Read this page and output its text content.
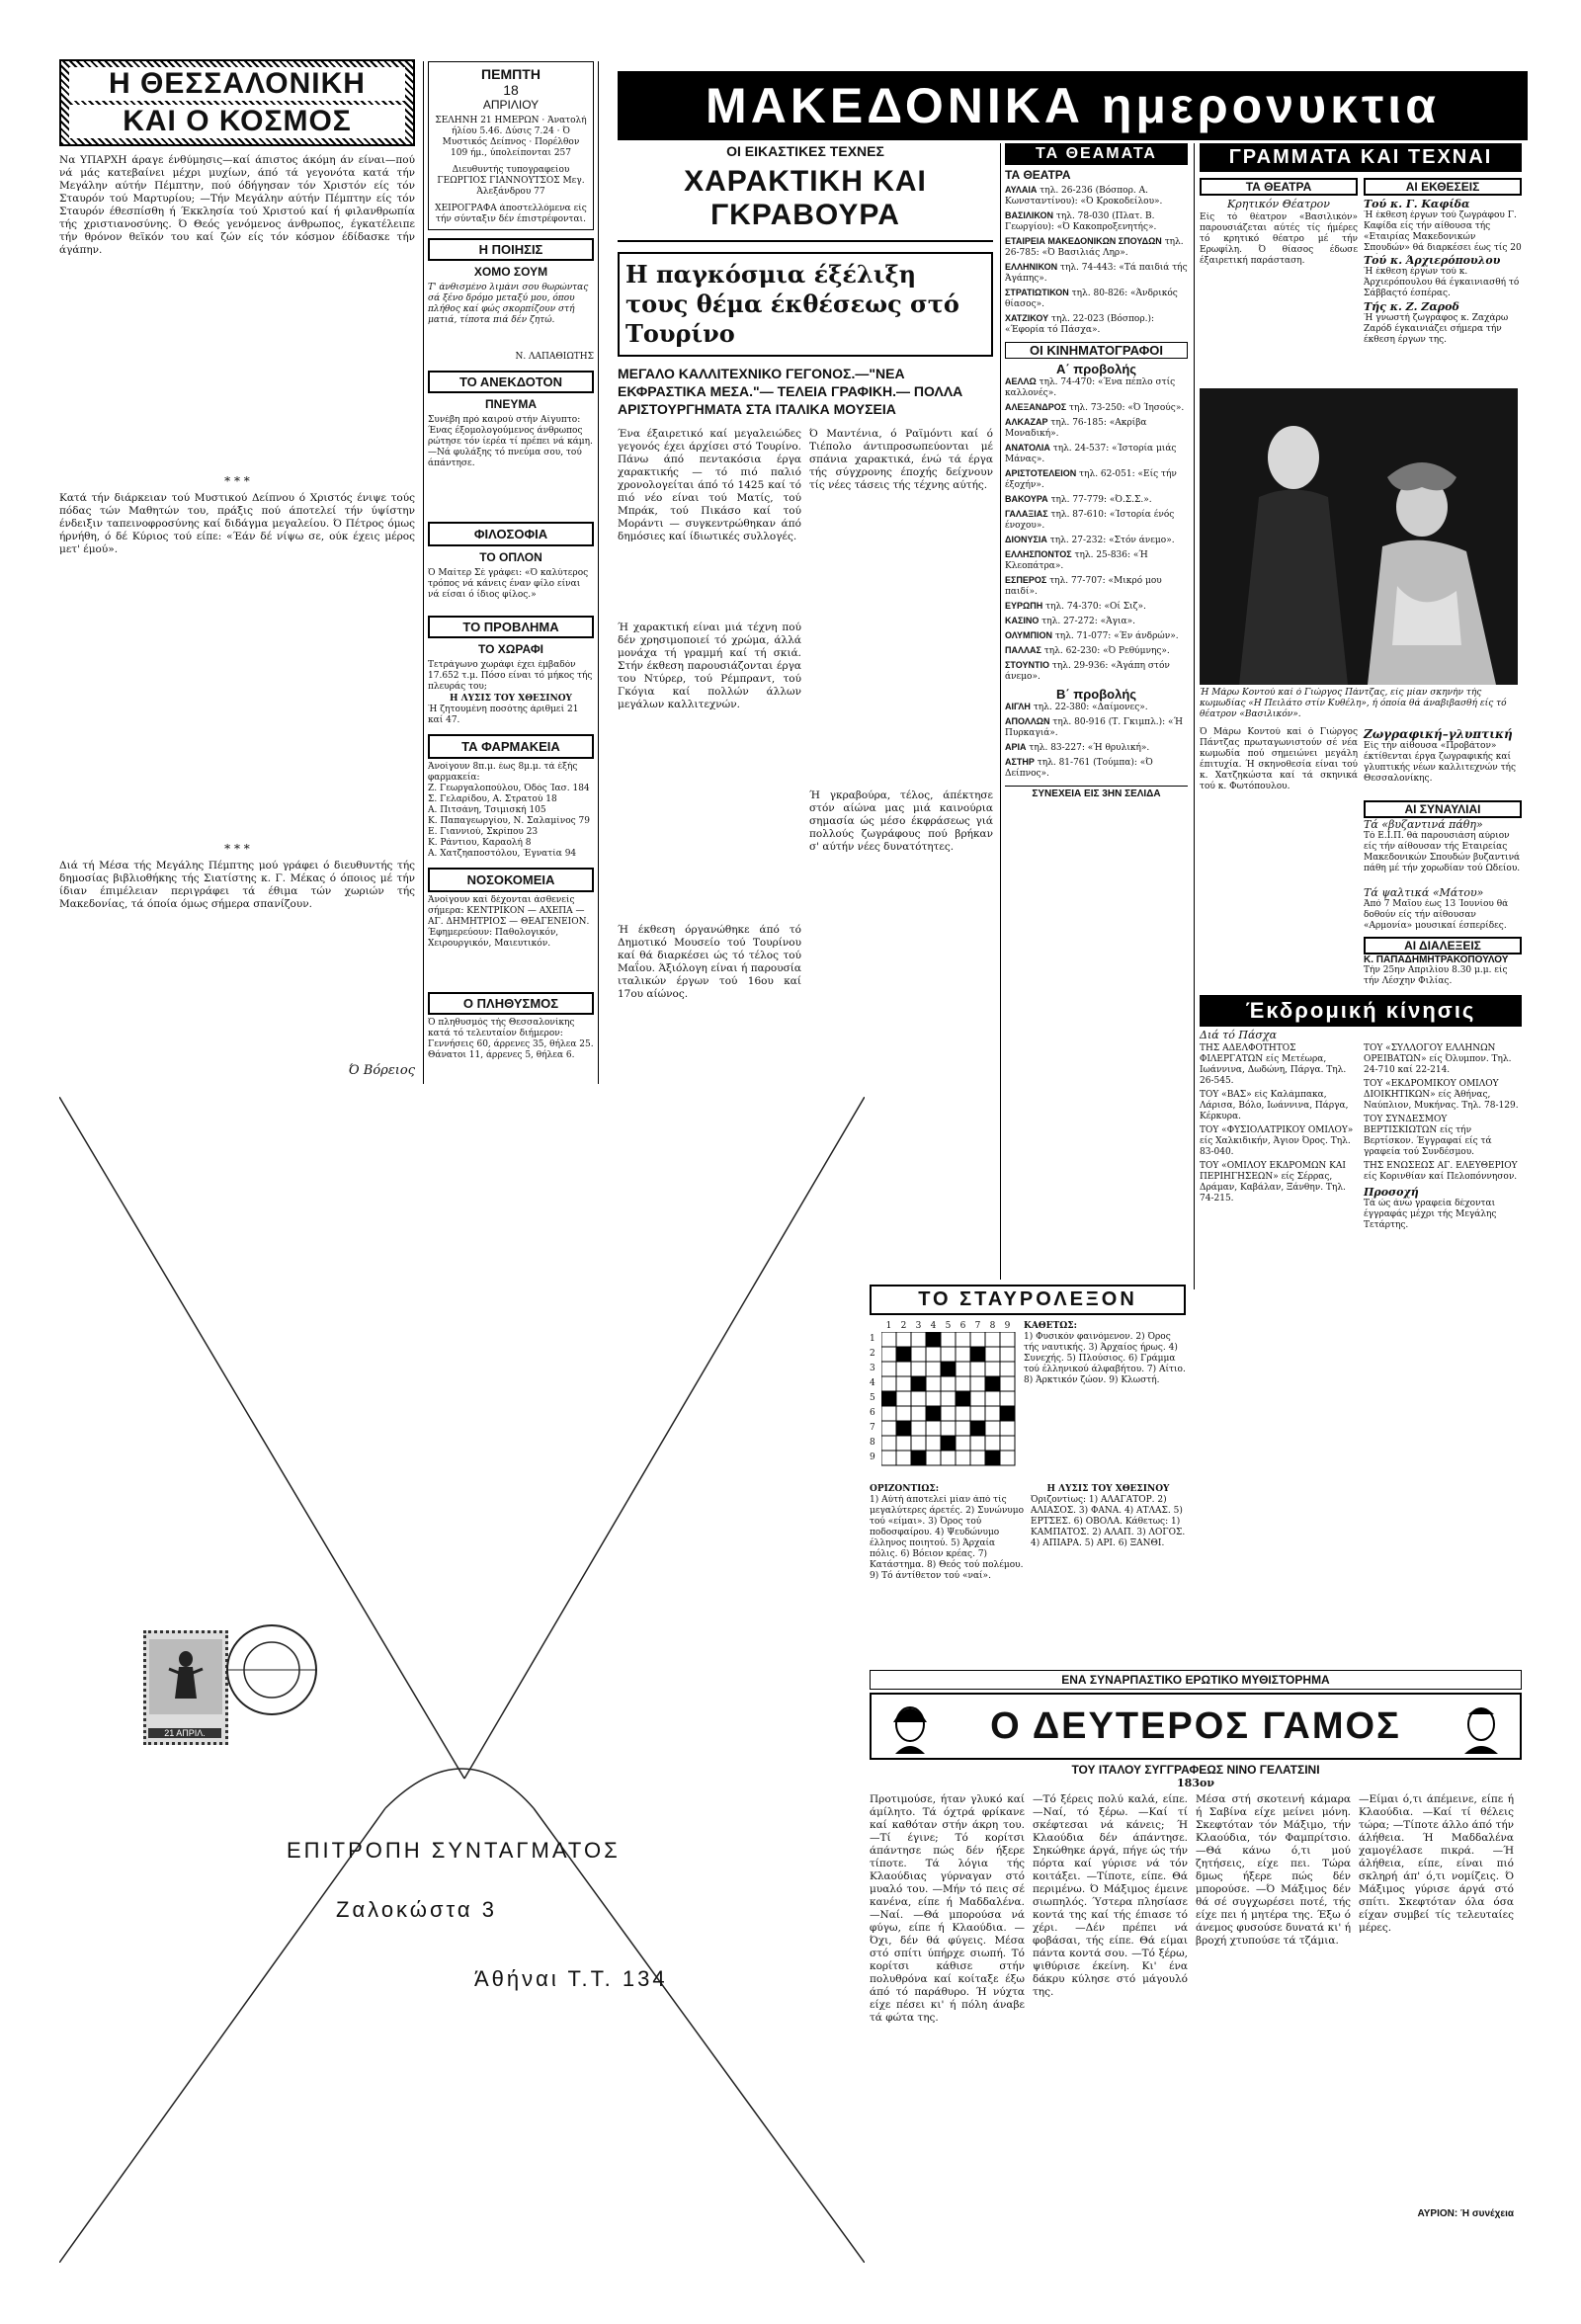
Η ΘΕΣΣΑΛΟΝΙΚΗ
ΚΑΙ Ο ΚΟΣΜΟΣ
Να ΥΠΑΡΧΗ άραγε ένθύμησις—καί άπιστος άκόμη άν είναι—πού νά μάς κατεβαίνει μέχρι μυχίων, άπό τά γεγονότα κατά τήν Μεγάλην αύτήν Πέμπτην, πού όδήγησαν τόν Χριστόν είς τόν Σταυρόν τού Μαρτυρίου; —Τήν Μεγάλην αύτήν Πέμπτην είς τόν Σταυρόν έθεσπίσθη ή Έκκλησία τού Χριστού καί ή φιλανθρωπία τής χριστιανοσύνης. Ό Θεός γενόμενος άνθρωπος, έγκατέλειπε τήν θρόνον θεϊκόν του καί ζών είς τόν κόσμον έδίδασκε τήν άγάπην.
* * *
Κατά τήν διάρκειαν τού Μυστικού Δείπνου ό Χριστός ένιψε τούς πόδας τών Μαθητών του, πράξις πού άποτελεί τήν ύψίστην ένδειξιν ταπεινοφροσύνης καί διδάγμα μεγαλείου. Ό Πέτρος όμως ήρνήθη, ό δέ Κύριος τού είπε: «Έάν δέ νίψω σε, ούκ έχεις μέρος μετ' έμού».
* * *
Διά τή Μέσα τής Μεγάλης Πέμπτης μού γράφει ό διευθυντής τής δημοσίας βιβλιοθήκης τής Σιατίστης κ. Γ. Μέκας ό όποιος μέ τήν ίδιαν έπιμέλειαν περιγράφει τά έθιμα τών χωριών τής Μακεδονίας, τά όποία όμως σήμερα σπανίζουν.
Ό Βόρειος
ΠΕΜΠΤΗ
18
ΑΠΡΙΛΙΟΥ
ΣΕΛΗΝΗ 21 ΗΜΕΡΩΝ · Άνατολή ήλίου 5.46. Δύσις 7.24 · Ό Μυστικός Δείπνος · Πορέλθον 109 ήμ., ύπολείπονται 257
Διευθυντής τυπογραφείου ΓΕΩΡΓΙΟΣ ΓΙΑΝΝΟΥΤΣΟΣ Μεγ. Άλεξάνδρου 77
ΧΕΙΡΟΓΡΑΦΑ άποστελλόμενα είς τήν σύνταξιν δέν έπιστρέφονται.
Η ΠΟΙΗΣΙΣ
ΧΟΜΟ ΣΟΥΜ
Τ' άνθισμένο λιμάνι σου θωρώντας σά ξένο δρόμο μεταξύ μου, όπου πλήθος καί φώς σκορπίζουν στή ματιά, τίποτα πιά δέν ζητώ.
Ν. ΛΑΠΑΘΙΩΤΗΣ
ΤΟ ΑΝΕΚΔΟΤΟΝ
ΠΝΕΥΜΑ
Συνέβη πρό καιρού στήν Αίγυπτο: Ένας έξομολογούμενος άνθρωπος ρώτησε τόν ίερέα τί πρέπει νά κάμη. —Νά φυλάξης τό πνεύμα σου, τού άπάντησε.
ΦΙΛΟΣΟΦΙΑ
ΤΟ ΟΠΛΟΝ
Ό Μαίτερ Σέ γράφει: «Ό καλύτερος τρόπος νά κάνεις έναν φίλο είναι νά είσαι ό ίδιος φίλος.»
ΤΟ ΠΡΟΒΛΗΜΑ
ΤΟ ΧΩΡΑΦΙ
Τετράγωνο χωράφι έχει έμβαδόν 17.652 τ.μ. Πόσο είναι τό μήκος τής πλευράς του;
Η ΛΥΣΙΣ ΤΟΥ ΧΘΕΣΙΝΟΥ
Ή ζητουμένη ποσότης άριθμεί 21 καί 47.
ΤΑ ΦΑΡΜΑΚΕΙΑ
Άνοίγουν 8π.μ. έως 8μ.μ. τά έξής φαρμακεία:
Ζ. Γεωργαλοπούλου, Όδός Ίασ. 184
Σ. Γελαρίδου, Α. Στρατού 18
Α. Πιτσάνη, Τσιμισκή 105
Κ. Παπαγεωργίου, Ν. Σαλαμίνος 79
Ε. Γιαννιού, Σκρίπου 23
Κ. Ράντιου, Καραολή 8
Α. Χατζηαποστόλου, Έγνατία 94
ΝΟΣΟΚΟΜΕΙΑ
Άνοίγουν καί δέχονται άσθενείς σήμερα: ΚΕΝΤΡΙΚΟΝ — ΑΧΕΠΑ — ΑΓ. ΔΗΜΗΤΡΙΟΣ — ΘΕΑΓΕΝΕΙΟΝ. Έφημερεύουν: Παθολογικόν, Χειρουργικόν, Μαιευτικόν.
Ο ΠΛΗΘΥΣΜΟΣ
Ό πληθυσμός τής Θεσσαλονίκης κατά τό τελευταίον διήμερον: Γεννήσεις 60, άρρενες 35, θήλεα 25. Θάνατοι 11, άρρενες 5, θήλεα 6.
21 ΑΠΡΙΛ.
ΕΠΙΤΡΟΠΗ ΣΥΝΤΑΓΜΑΤΟΣ
Ζαλοκώστα 3
Άθήναι Τ.Τ. 134
ΜΑΚΕΔΟΝΙΚΑ ημερονυκτια
ΟΙ ΕΙΚΑΣΤΙΚΕΣ ΤΕΧΝΕΣ
ΧΑΡΑΚΤΙΚΗ ΚΑΙ ΓΚΡΑΒΟΥΡΑ
Η παγκόσμια έξέλιξη τους θέμα έκθέσεως στό Τουρίνο
ΜΕΓΑΛΟ ΚΑΛΛΙΤΕΧΝΙΚΟ ΓΕΓΟΝΟΣ.—"ΝΕΑ ΕΚΦΡΑΣΤΙΚΑ ΜΕΣΑ."— ΤΕΛΕΙΑ ΓΡΑΦΙΚΗ.— ΠΟΛΛΑ ΑΡΙΣΤΟΥΡΓΗΜΑΤΑ ΣΤΑ ΙΤΑΛΙΚΑ ΜΟΥΣΕΙΑ
Ένα έξαιρετικό καί μεγαλειώδες γεγονός έχει άρχίσει στό Τουρίνο. Πάνω άπό πεντακόσια έργα χαρακτικής — τό πιό παλιό χρονολογείται άπό τό 1425 καί τό πιό νέο είναι τού Ματίς, τού Μπράκ, τού Πικάσο καί τού Μοράντι — συγκεντρώθηκαν άπό δημόσιες καί ίδιωτικές συλλογές.
Ή χαρακτική είναι μιά τέχνη πού δέν χρησιμοποιεί τό χρώμα, άλλά μονάχα τή γραμμή καί τή σκιά. Στήν έκθεση παρουσιάζονται έργα του Ντύρερ, τού Ρέμπραντ, τού Γκόγια καί πολλών άλλων μεγάλων καλλιτεχνών.
Ή έκθεση όργανώθηκε άπό τό Δημοτικό Μουσείο τού Τουρίνου καί θά διαρκέσει ώς τό τέλος τού Μαΐου. Άξιόλογη είναι ή παρουσία ιταλικών έργων τού 16ου καί 17ου αίώνος.
Ό Μαντένια, ό Ραϊμόντι καί ό Τιέπολο άντιπροσωπεύονται μέ σπάνια χαρακτικά, ένώ τά έργα τής σύγχρονης έποχής δείχνουν τίς νέες τάσεις τής τέχνης αύτής.
Ή γκραβούρα, τέλος, άπέκτησε στόν αίώνα μας μιά καινούρια σημασία ώς μέσο έκφράσεως γιά πολλούς ζωγράφους πού βρήκαν σ' αύτήν νέες δυνατότητες.
ΤΑ ΘΕΑΜΑΤΑ
ΤΑ ΘΕΑΤΡΑ
ΑΥΛΑΙΑ τηλ. 26-236 (Βόσπορ. Α. Κωνσταντίνου): «Ό Κροκοδείλου».
ΒΑΣΙΛΙΚΟΝ τηλ. 78-030 (Πλατ. Β. Γεωργίου): «Ό Κακοπροξενητής».
ΕΤΑΙΡΕΙΑ ΜΑΚΕΔΟΝΙΚΩΝ ΣΠΟΥΔΩΝ τηλ. 26-785: «Ό Βασιλιάς Ληρ».
ΕΛΛΗΝΙΚΟΝ τηλ. 74-443: «Τά παιδιά τής Άγάπης».
ΣΤΡΑΤΙΩΤΙΚΟΝ τηλ. 80-826: «Άνδρικός θίασος».
ΧΑΤΖΙΚΟΥ τηλ. 22-023 (Βόσπορ.): «Έφορία τό Πάσχα».
ΟΙ ΚΙΝΗΜΑΤΟΓΡΑΦΟΙ
Α΄ προβολής
ΑΕΛΛΩ τηλ. 74-470: «Ένα πέπλο στίς καλλονές».
ΑΛΕΞΑΝΔΡΟΣ τηλ. 73-250: «Ό Ίησούς».
ΑΛΚΑΖΑΡ τηλ. 76-185: «Ακρίβα Μοναδική».
ΑΝΑΤΟΛΙΑ τηλ. 24-537: «Ίστορία μιάς Μάνας».
ΑΡΙΣΤΟΤΕΛΕΙΟΝ τηλ. 62-051: «Είς τήν έξοχήν».
ΒΑΚΟΥΡΑ τηλ. 77-779: «Ό.Σ.Σ.».
ΓΑΛΑΞΙΑΣ τηλ. 87-610: «Ίστορία ένός ένοχου».
ΔΙΟΝΥΣΙΑ τηλ. 27-232: «Στόν άνεμο».
ΕΛΛΗΣΠΟΝΤΟΣ τηλ. 25-836: «Ή Κλεοπάτρα».
ΕΣΠΕΡΟΣ τηλ. 77-707: «Μικρό μου παιδί».
ΕΥΡΩΠΗ τηλ. 74-370: «Οί Σιζ».
ΚΑΣΙΝΟ τηλ. 27-272: «Άγια».
ΟΛΥΜΠΙΟΝ τηλ. 71-077: «Έν άνδρών».
ΠΑΛΛΑΣ τηλ. 62-230: «Ό Ρεθύμνης».
ΣΤΟΥΝΤΙΟ τηλ. 29-936: «Άγάπη στόν άνεμο».
Β΄ προβολής
ΑΙΓΛΗ τηλ. 22-380: «Δαίμονες».
ΑΠΟΛΛΩΝ τηλ. 80-916 (Τ. Γκιμπλ.): «Ή Πυρκαγιά».
ΑΡΙΑ τηλ. 83-227: «Ή θρυλική».
ΑΣΤΗΡ τηλ. 81-761 (Τούμπα): «Ό Δείπνος».
ΣΥΝΕΧΕΙΑ ΕΙΣ 3ΗΝ ΣΕΛΙΔΑ
ΓΡΑΜΜΑΤΑ ΚΑΙ ΤΕΧΝΑΙ
ΤΑ ΘΕΑΤΡΑ
Κρητικόν Θέατρον
Είς τό θέατρον «Βασιλικόν» παρουσιάζεται αύτές τίς ήμέρες τό κρητικό θέατρο μέ τήν Ερωφίλη. Ό θίασος έδωσε έξαιρετική παράσταση.
ΑΙ ΕΚΘΕΣΕΙΣ
Τού κ. Γ. Καφίδα
Ή έκθεση έργων τού ζωγράφου Γ. Καφίδα είς τήν αίθουσα τής «Εταιρίας Μακεδονικών Σπουδών» θά διαρκέσει έως τίς 20
Τού κ. Άρχιερόπουλου
Ή έκθεση έργων τού κ. Άρχιερόπουλου θά έγκαινιασθή τό Σάββαςτό έσπέρας.
Τής κ. Ζ. Ζαροδ
Ή γνωστή ζωγράφος κ. Ζαχάρω Ζαρόδ έγκαινιάζει σήμερα τήν έκθεση έργων της.
Ή Μάρω Κοντού καί ό Γιώργος Πάντζας, είς μίαν σκηνήν τής κωμωδίας «Η Πειλάτο στίν Κυθέλη», ή όποία θά άναβιβασθή είς τό θέατρον «Βασιλικόν».
Ό Μάρω Κοντού καί ό Γιώργος Πάντζας πρωταγωνιστούν σέ νέα κωμωδία πού σημειώνει μεγάλη έπιτυχία. Ή σκηνοθεσία είναι τού κ. Χατζηκώστα καί τά σκηνικά τού κ. Φωτόπουλου.
Ζωγραφική–γλυπτική
Είς τήν αίθουσα «Προβάτον» έκτίθενται έργα ζωγραφικής καί γλυπτικής νέων καλλιτεχνών τής Θεσσαλονίκης.
ΑΙ ΣΥΝΑΥΛΙΑΙ
Τά «βυζαντινά πάθη»
Τό Ε.Ι.Π. θά παρουσιάση αύριον είς τήν αίθουσαν τής Εταιρείας Μακεδονικών Σπουδών βυζαντινά πάθη μέ τήν χορωδίαν τού Ωδείου.
Τά ψαλτικά «Μάτου»
Άπό 7 Μαΐου έως 13 Ίουνίου θά δοθούν είς τήν αίθουσαν «Αρμονία» μουσικαί έσπερίδες.
ΑΙ ΔΙΑΛΕΞΕΙΣ
Κ. ΠΑΠΑΔΗΜΗΤΡΑΚΟΠΟΥΛΟΥ
Τήν 25ην Απριλίου 8.30 μ.μ. είς τήν Λέσχην Φιλίας.
Έκδρομική κίνησις
Διά τό Πάσχα
ΤΗΣ ΑΔΕΛΦΟΤΗΤΟΣ ΦΙΛΕΡΓΑΤΩΝ είς Μετέωρα, Ιωάννινα, Δωδώνη, Πάργα. Τηλ. 26-545.
ΤΟΥ «ΒΑΣ» είς Καλάμπακα, Λάρισα, Βόλο, Ιωάννινα, Πάργα, Κέρκυρα.
ΤΟΥ «ΦΥΣΙΟΛΑΤΡΙΚΟΥ ΟΜΙΛΟΥ» είς Χαλκιδικήν, Άγιον Όρος. Τηλ. 83-040.
ΤΟΥ «ΟΜΙΛΟΥ ΕΚΔΡΟΜΩΝ ΚΑΙ ΠΕΡΙΗΓΗΣΕΩΝ» είς Σέρρας, Δράμαν, Καβάλαν, Ξάνθην. Τηλ. 74-215.
ΤΟΥ «ΣΥΛΛΟΓΟΥ ΕΛΛΗΝΩΝ ΟΡΕΙΒΑΤΩΝ» είς Όλυμπον. Τηλ. 24-710 καί 22-214.
ΤΟΥ «ΕΚΔΡΟΜΙΚΟΥ ΟΜΙΛΟΥ ΔΙΟΙΚΗΤΙΚΩΝ» είς Άθήνας, Ναύπλιον, Μυκήνας. Τηλ. 78-129.
ΤΟΥ ΣΥΝΔΕΣΜΟΥ ΒΕΡΤΙΣΚΙΩΤΩΝ είς τήν Βερτίσκον. Έγγραφαί είς τά γραφεία τού Συνδέσμου.
ΤΗΣ ΕΝΩΣΕΩΣ ΑΓ. ΕΛΕΥΘΕΡΙΟΥ είς Κορινθίαν καί Πελοπόννησον.
Προσοχή
Τά ώς άνω γραφεία δέχονται έγγραφάς μέχρι τής Μεγάλης Τετάρτης.
ΤΟ ΣΤΑΥΡΟΛΕΞΟΝ
1	2	3	4	5	6	7	8	9
1
2
3
4
5
6
7
8
9
ΚΑΘΕΤΩΣ:
1) Φυσικόν φαινόμενον. 2) Όρος τής ναυτικής. 3) Άρχαίος ήρως. 4) Συνεχής. 5) Πλούσιος. 6) Γράμμα τού έλληνικού άλφαβήτου. 7) Αίτιο. 8) Άρκτικόν ζώον. 9) Κλωστή.
ΟΡΙΖΟΝΤΙΩΣ:
1) Αύτή άποτελεί μίαν άπό τίς μεγαλύτερες άρετές. 2) Συνώνυμο τού «είμαι». 3) Όρος τού ποδοσφαίρου. 4) Ψευδώνυμο έλληνος ποιητού. 5) Άρχαία πόλις. 6) Βόειον κρέας. 7) Κατάστημα. 8) Θεός τού πολέμου. 9) Τό άντίθετον τού «ναί».
Η ΛΥΣΙΣ ΤΟΥ ΧΘΕΣΙΝΟΥ
Όριζοντίως: 1) ΑΛΑΓΑΤΟΡ. 2) ΑΛΙΑΣΟΣ. 3) ΦΑΝΑ. 4) ΑΤΛΑΣ. 5) ΕΡΤΣΕΣ. 6) ΟΒΟΛΑ. Κάθετως: 1) ΚΑΜΠΑΤΟΣ. 2) ΑΛΑΠ. 3) ΛΟΓΟΣ. 4) ΑΠΙΑΡΑ. 5) ΑΡΙ. 6) ΞΑΝΘΙ.
ΕΝΑ ΣΥΝΑΡΠΑΣΤΙΚΟ ΕΡΩΤΙΚΟ ΜΥΘΙΣΤΟΡΗΜΑ
Ο ΔΕΥΤΕΡΟΣ ΓΑΜΟΣ
ΤΟΥ ΙΤΑΛΟΥ ΣΥΓΓΡΑΦΕΩΣ ΝΙΝΟ ΓΕΛΑΤΣΙΝΙ
183ον
Προτιμούσε, ήταν γλυκό καί άμίλητο. Τά όχτρά φρίκανε καί καθόταν στήν άκρη του. —Τί έγινε; Τό κορίτσι άπάντησε πώς δέν ήξερε τίποτε. Τά λόγια τής Κλαούδιας γύρναγαν στό μυαλό του. —Μήν τό πεις σέ κανένα, είπε ή Μαδδαλένα. —Ναί. —Θά μπορούσα νά φύγω, είπε ή Κλαούδια. —Όχι, δέν θά φύγεις. Μέσα στό σπίτι ύπήρχε σιωπή. Τό κορίτσι κάθισε στήν πολυθρόνα καί κοίταξε έξω άπό τό παράθυρο. Ή νύχτα είχε πέσει κι' ή πόλη άναβε τά φώτα της.
—Τό ξέρεις πολύ καλά, είπε. —Ναί, τό ξέρω. —Καί τί σκέφτεσαι νά κάνεις; Ή Κλαούδια δέν άπάντησε. Σηκώθηκε άργά, πήγε ώς τήν πόρτα καί γύρισε νά τόν κοιτάξει. —Τίποτε, είπε. Θά περιμένω. Ό Μάξιμος έμεινε σιωπηλός. Ύστερα πλησίασε κοντά της καί τής έπιασε τό χέρι. —Δέν πρέπει νά φοβάσαι, τής είπε. Θά είμαι πάντα κοντά σου. —Τό ξέρω, ψιθύρισε έκείνη. Κι' ένα δάκρυ κύλησε στό μάγουλό της.
Μέσα στή σκοτεινή κάμαρα ή Σαβίνα είχε μείνει μόνη. Σκεφτόταν τόν Μάξιμο, τήν Κλαούδια, τόν Φαμπρίτσιο. —Θά κάνω ό,τι μού ζητήσεις, είχε πει. Τώρα δμως ήξερε πώς δέν μπορούσε. —Ό Μάξιμος δέν θά σέ συγχωρέσει ποτέ, τής είχε πει ή μητέρα της. Έξω ό άνεμος φυσούσε δυνατά κι' ή βροχή χτυπούσε τά τζάμια.
—Είμαι ό,τι άπέμεινε, είπε ή Κλαούδια. —Καί τί θέλεις τώρα; —Τίποτε άλλο άπό τήν άλήθεια. Ή Μαδδαλένα χαμογέλασε πικρά. —Ή άλήθεια, είπε, είναι πιό σκληρή άπ' ό,τι νομίζεις. Ό Μάξιμος γύρισε άργά στό σπίτι. Σκεφτόταν όλα όσα είχαν συμβεί τίς τελευταίες μέρες.
ΑΥΡΙΟΝ: Ή συνέχεια
